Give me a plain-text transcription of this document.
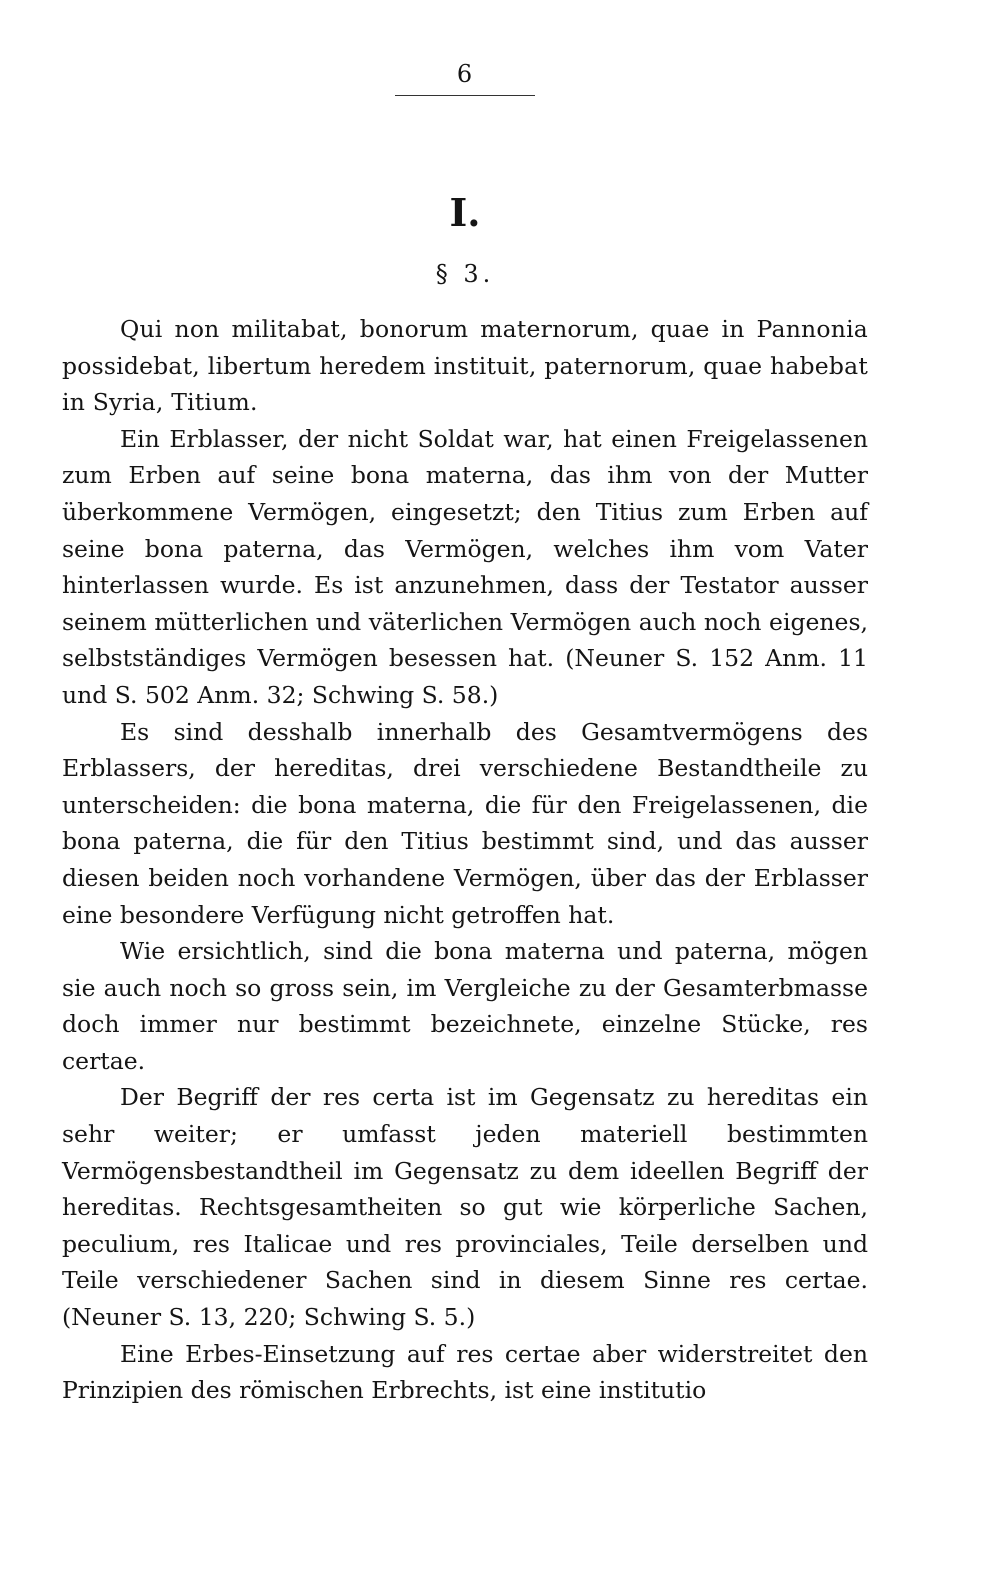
6
I.
§ 3.

Qui non militabat, bonorum maternorum, quae in Pannonia possidebat, libertum heredem instituit, paternorum, quae habebat in Syria, Titium.

Ein Erblasser, der nicht Soldat war, hat einen Freigelassenen zum Erben auf seine bona materna, das ihm von der Mutter überkommene Vermögen, eingesetzt; den Titius zum Erben auf seine bona paterna, das Vermögen, welches ihm vom Vater hinterlassen wurde. Es ist anzunehmen, dass der Testator ausser seinem mütterlichen und väterlichen Vermögen auch noch eigenes, selbstständiges Vermögen besessen hat. (Neuner S. 152 Anm. 11 und S. 502 Anm. 32; Schwing S. 58.)

Es sind desshalb innerhalb des Gesamtvermögens des Erblassers, der hereditas, drei verschiedene Bestandtheile zu unterscheiden: die bona materna, die für den Freigelassenen, die bona paterna, die für den Titius bestimmt sind, und das ausser diesen beiden noch vorhandene Vermögen, über das der Erblasser eine besondere Verfügung nicht getroffen hat.

Wie ersichtlich, sind die bona materna und paterna, mögen sie auch noch so gross sein, im Vergleiche zu der Gesamterbmasse doch immer nur bestimmt bezeichnete, einzelne Stücke, res certae.

Der Begriff der res certa ist im Gegensatz zu hereditas ein sehr weiter; er umfasst jeden materiell bestimmten Vermögensbestandtheil im Gegensatz zu dem ideellen Begriff der hereditas. Rechtsgesamtheiten so gut wie körperliche Sachen, peculium, res Italicae und res provinciales, Teile derselben und Teile verschiedener Sachen sind in diesem Sinne res certae. (Neuner S. 13, 220; Schwing S. 5.)

Eine Erbes-Einsetzung auf res certae aber widerstreitet den Prinzipien des römischen Erbrechts, ist eine institutio
